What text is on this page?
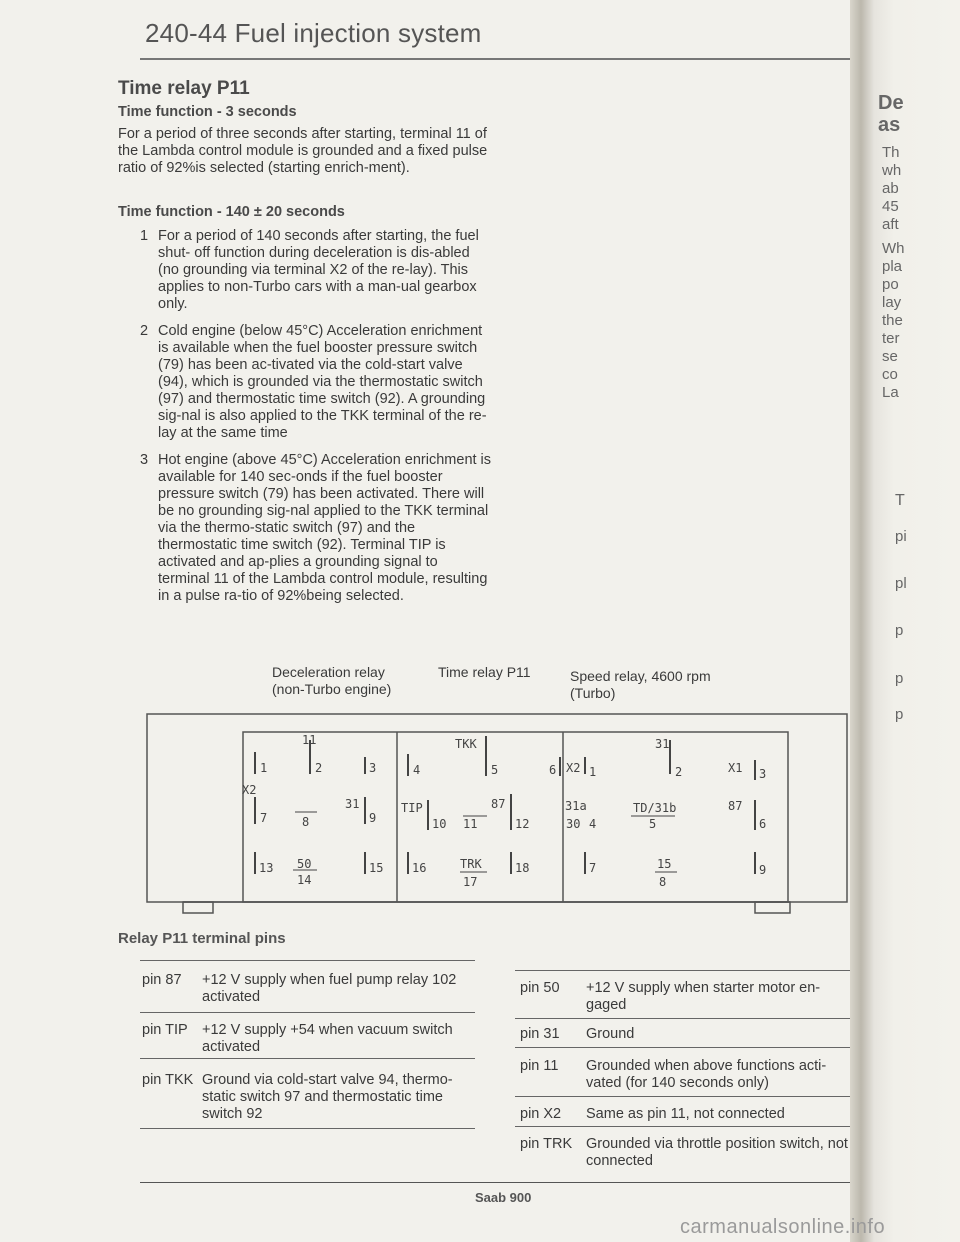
240-44 Fuel injection system
Time relay P11
Time function - 3 seconds

For a period of three seconds after starting, terminal 11 of the Lambda control module is grounded and a fixed pulse ratio of 92%is selected (starting enrich-ment).

Time function - 140 ± 20 seconds
1 For a period of 140 seconds after starting, the fuel shut- off function during deceleration is dis-abled (no grounding via terminal X2 of the re-lay). This applies to non-Turbo cars with a man-ual gearbox only.
2 Cold engine (below 45°C) Acceleration enrichment is available when the fuel booster pressure switch (79) has been ac-tivated via the cold-start valve (94), which is grounded via the thermostatic switch (97) and thermostatic time switch (92). A grounding sig-nal is also applied to the TKK terminal of the re-lay at the same time
3 Hot engine (above 45°C) Acceleration enrichment is available for 140 sec-onds if the fuel booster pressure switch (79) has been activated. There will be no grounding sig-nal applied to the TKK terminal via the thermo-static switch (97) and the thermostatic time switch (92). Terminal TIP is activated and ap-plies a grounding signal to terminal 11 of the Lambda control module, resulting in a pulse ra-tio of 92%being selected.
Deceleration relay
(non-Turbo engine)
Time relay P11	Speed relay, 4600 rpm
(Turbo)
11
1	2	3
X2
31
7	8	9
13 50	15
14
TKK
4	5	6
TIP	87
10 11	12
16	TRK	18
17
31
X2 1	2	X1 3
31a	TD/31b	87
30 4	5	6
7	15	9
8
Relay P11 terminal pins
pin 87 +12 V supply when fuel pump relay 102 activated
pin TIP +12 V supply +54 when vacuum switch activated
pin TKK Ground via cold-start valve 94, thermo-static switch 97 and thermostatic time switch 92
pin 50 +12 V supply when starter motor en-gaged
pin 31 Ground
pin 11 Grounded when above functions acti-vated (for 140 seconds only)
pin X2 Same as pin 11, not connected
pin TRK Grounded via throttle position switch, not connected
Saab 900
De
as
Th
wh
ab
45
aft
Wh
pla
po
lay
the
ter
se
co
La
T
pi
pl
p
p
p
carmanualsonline.info
